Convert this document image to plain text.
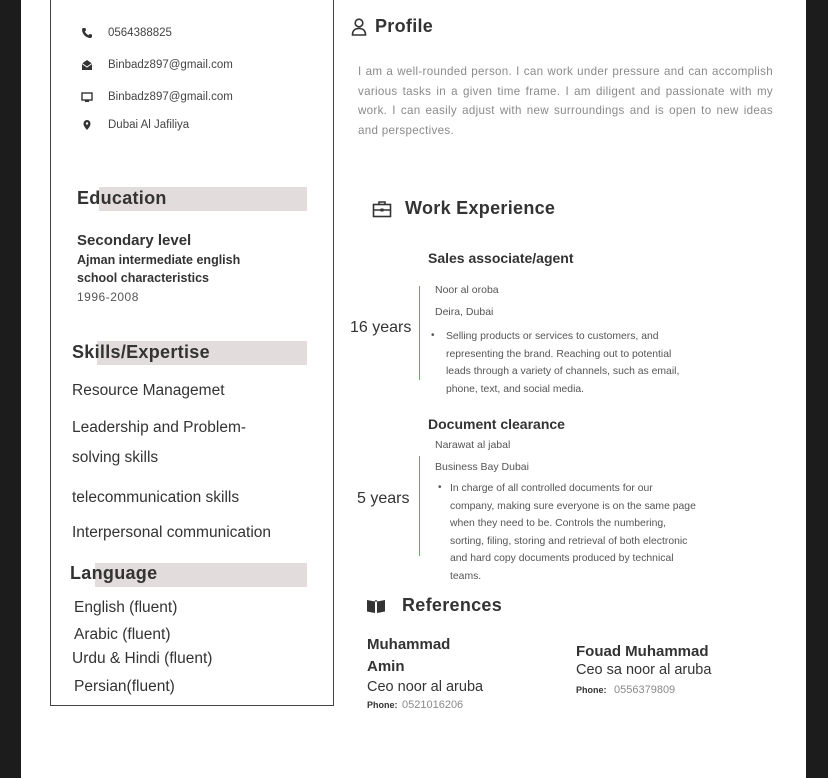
0564388825
Binbadz897@gmail.com
Binbadz897@gmail.com
Dubai Al Jafiliya
Education
Secondary level
Ajman intermediate english
school characteristics
1996-2008
Skills/Expertise
Resource Managemet
Leadership and Problem-
solving skills
telecommunication skills
Interpersonal communication
Language
English (fluent)
Arabic (fluent)
Urdu & Hindi (fluent)
Persian(fluent)
Profile
I am a well-rounded person. I can work under pressure and can accomplish various tasks in a given time frame. I am diligent and passionate with my work. I can easily adjust with new surroundings and is open to new ideas and perspectives.
Work Experience
Sales associate/agent
16 years
Noor al oroba
Deira, Dubai
• Selling products or services to customers, and
representing the brand. Reaching out to potential
leads through a variety of channels, such as email,
phone, text, and social media.
Document clearance
Narawat al jabal
5 years
Business Bay Dubai
• In charge of all controlled documents for our
company, making sure everyone is on the same page
when they need to be. Controls the numbering,
sorting, filing, storing and retrieval of both electronic
and hard copy documents produced by technical
teams.
References
Muhammad
Amin
Ceo noor al aruba
Phone: 0521016206
Fouad Muhammad
Ceo sa noor al aruba
Phone: 0556379809
